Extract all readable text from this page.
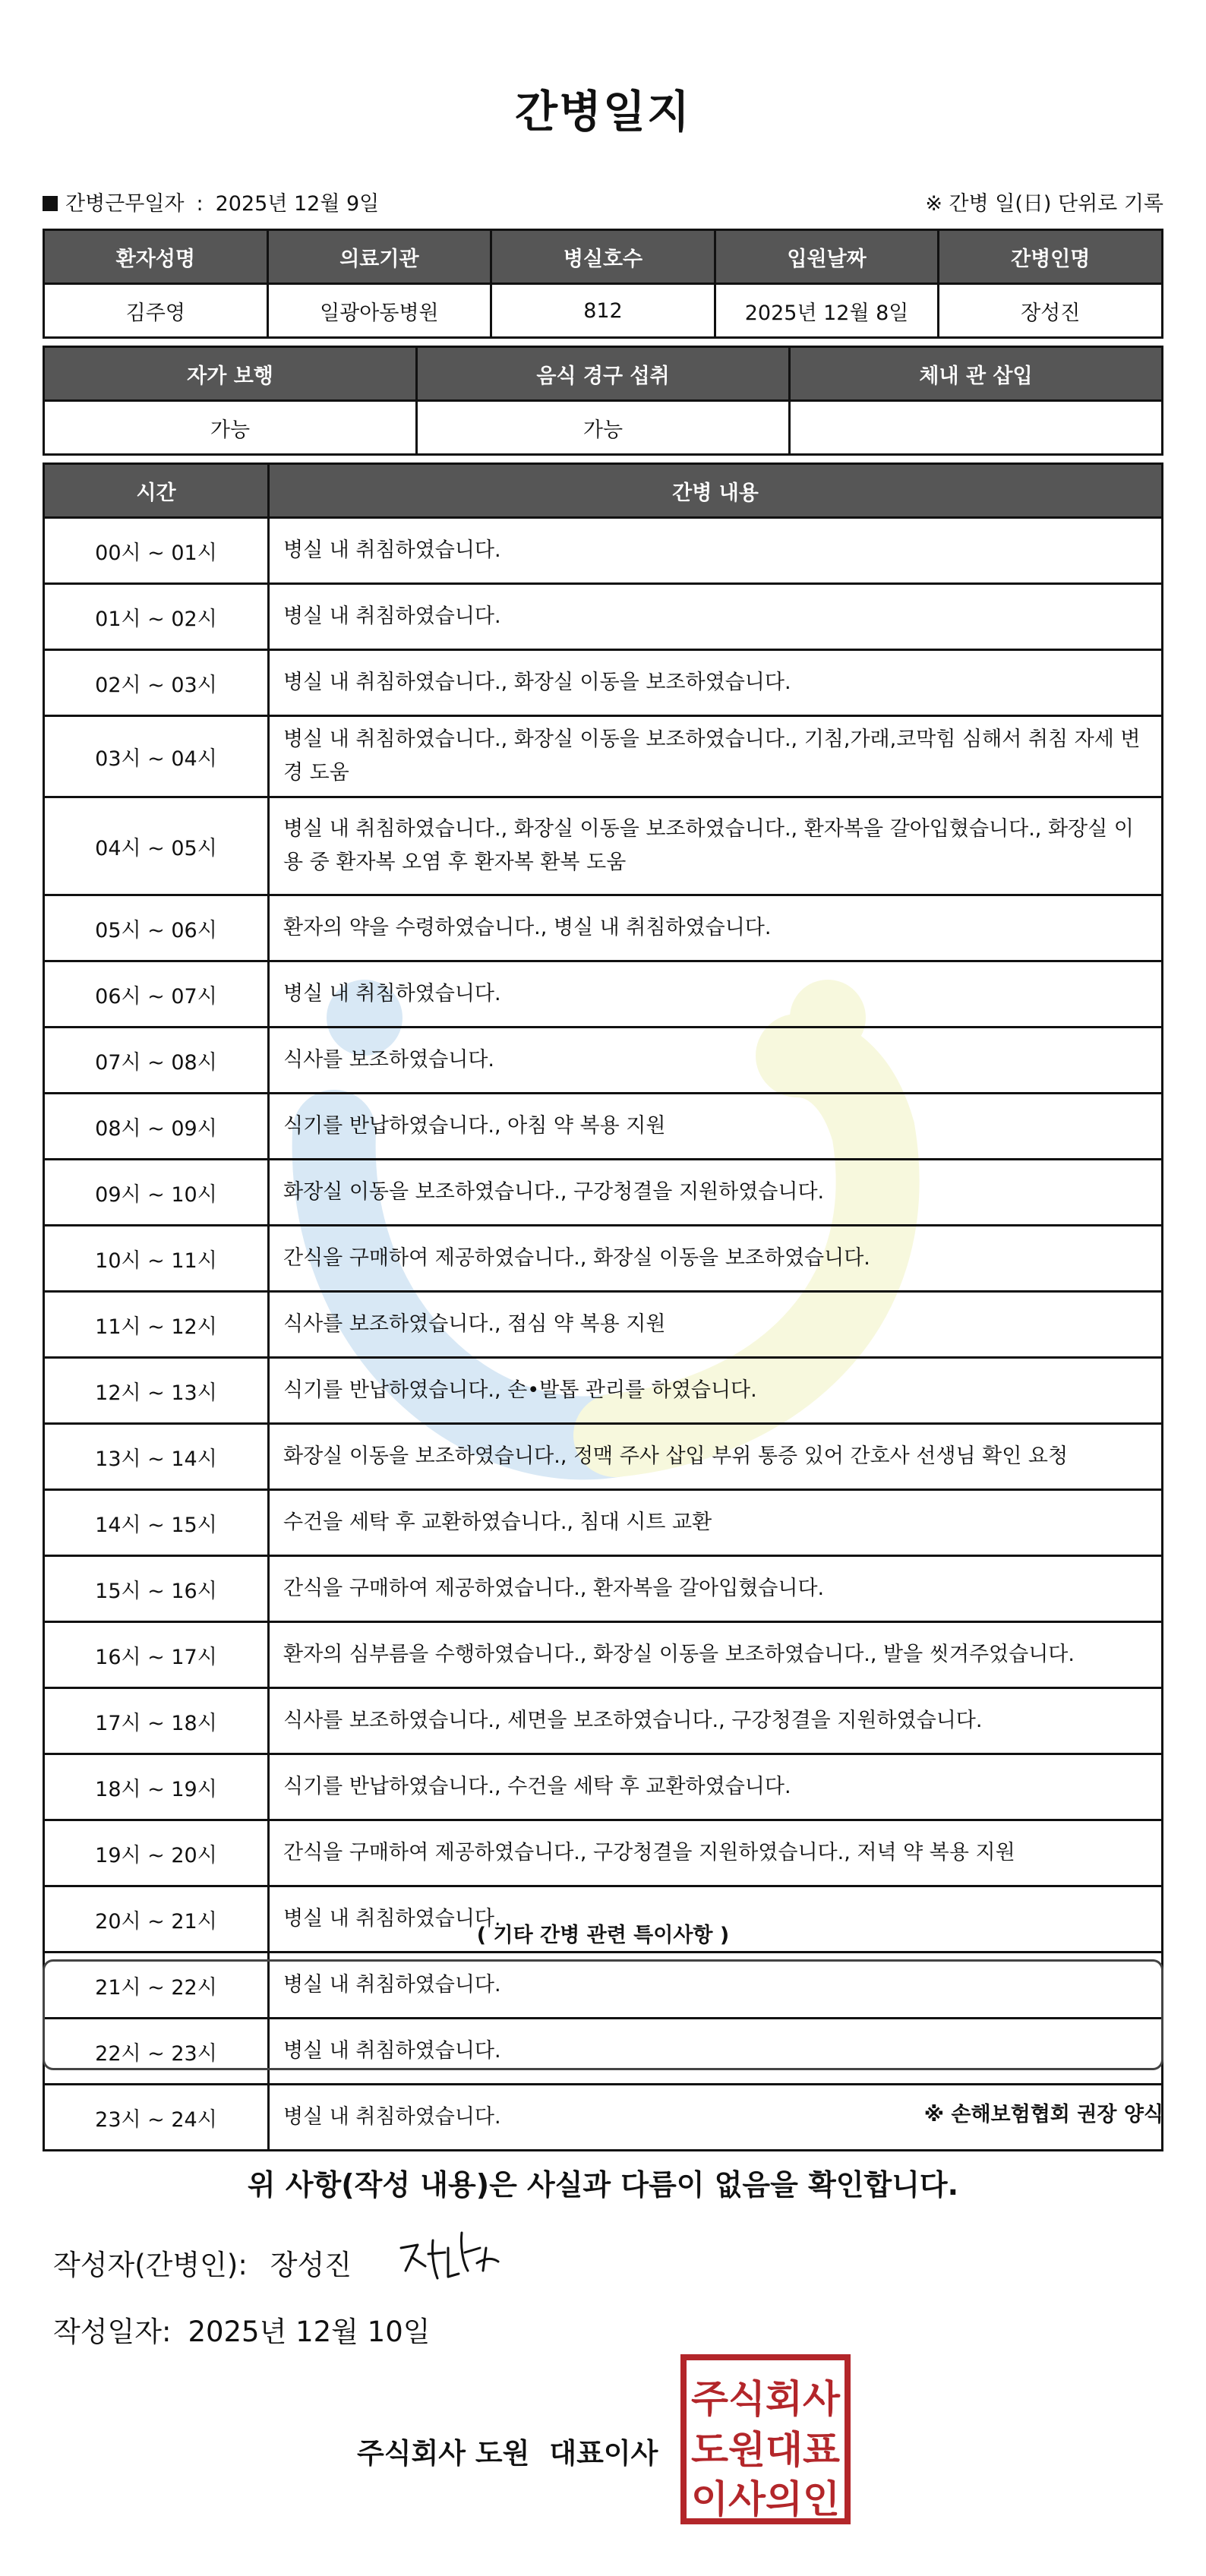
간병일지
간병근무일자 : 2025년 12월 9일	※ 간병 일(日) 단위로 기록
환자성명	의료기관	병실호수	입원날짜	간병인명
김주영	일광아동병원	812	2025년 12월 8일	장성진
자가 보행	음식 경구 섭취	체내 관 삽입
가능	가능	
시간	간병 내용
00시 ~ 01시	병실 내 취침하였습니다.
01시 ~ 02시	병실 내 취침하였습니다.
02시 ~ 03시	병실 내 취침하였습니다., 화장실 이동을 보조하였습니다.
03시 ~ 04시	병실 내 취침하였습니다., 화장실 이동을 보조하였습니다., 기침,가래,코막힘 심해서 취침 자세 변경 도움
04시 ~ 05시	병실 내 취침하였습니다., 화장실 이동을 보조하였습니다., 환자복을 갈아입혔습니다., 화장실 이용 중 환자복 오염 후 환자복 환복 도움
05시 ~ 06시	환자의 약을 수령하였습니다., 병실 내 취침하였습니다.
06시 ~ 07시	병실 내 취침하였습니다.
07시 ~ 08시	식사를 보조하였습니다.
08시 ~ 09시	식기를 반납하였습니다., 아침 약 복용 지원
09시 ~ 10시	화장실 이동을 보조하였습니다., 구강청결을 지원하였습니다.
10시 ~ 11시	간식을 구매하여 제공하였습니다., 화장실 이동을 보조하였습니다.
11시 ~ 12시	식사를 보조하였습니다., 점심 약 복용 지원
12시 ~ 13시	식기를 반납하였습니다., 손•발톱 관리를 하였습니다.
13시 ~ 14시	화장실 이동을 보조하였습니다., 정맥 주사 삽입 부위 통증 있어 간호사 선생님 확인 요청
14시 ~ 15시	수건을 세탁 후 교환하였습니다., 침대 시트 교환
15시 ~ 16시	간식을 구매하여 제공하였습니다., 환자복을 갈아입혔습니다.
16시 ~ 17시	환자의 심부름을 수행하였습니다., 화장실 이동을 보조하였습니다., 발을 씻겨주었습니다.
17시 ~ 18시	식사를 보조하였습니다., 세면을 보조하였습니다., 구강청결을 지원하였습니다.
18시 ~ 19시	식기를 반납하였습니다., 수건을 세탁 후 교환하였습니다.
19시 ~ 20시	간식을 구매하여 제공하였습니다., 구강청결을 지원하였습니다., 저녁 약 복용 지원
20시 ~ 21시	병실 내 취침하였습니다.
21시 ~ 22시	병실 내 취침하였습니다.
22시 ~ 23시	병실 내 취침하였습니다.
23시 ~ 24시	병실 내 취침하였습니다.
( 기타 간병 관련 특이사항 )
※ 손해보험협회 권장 양식
위 사항(작성 내용)은 사실과 다름이 없음을 확인합니다.
작성자(간병인): 장성진
작성일자: 2025년 12월 10일
주식회사 도원 대표이사
주식회사
도원대표
이사의인
